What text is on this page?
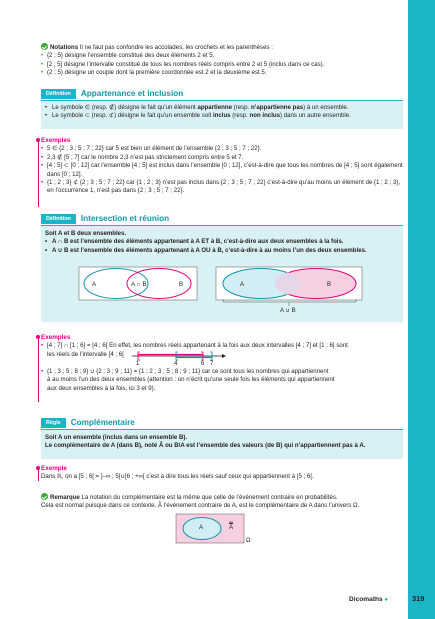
Notations Il ne faut pas confondre les accolades, les crochets et les parenthèses :
• {2 ; 5} désigne l’ensemble constitué des deux éléments 2 et 5.
• [2 ; 5] désigne l’intervalle constitué de tous les nombres réels compris entre 2 et 5 (inclus dans ce cas).
• (2 ; 5) désigne un couple dont la première coordonnée est 2 et la deuxième est 5.
Définition Appartenance et inclusion
• Le symbole ∈ (resp. ∉) désigne le fait qu’un élément appartienne (resp. n’appartienne pas) à un ensemble.
• Le symbole ⊂ (resp. ⊄) désigne le fait qu’un ensemble soit inclus (resp. non inclus) dans un autre ensemble.
Exemples
• 5 ∈ {2 ; 3 ; 5 ; 7 ; 22} car 5 est bien un élément de l’ensemble {2 ; 3 ; 5 ; 7 ; 22}.
• 2,3 ∉ [5 ; 7] car le nombre 2,3 n’est pas strictement compris entre 5 et 7.
• [4 ; 5] ⊂ [0 ; 12] car l’ensemble [4 ; 5] est inclus dans l’ensemble [0 ; 12], c’est-à-dire que tous les nombres de [4 ; 5] sont également dans [0 ; 12].
• {1 ; 2 ; 3} ⊄ {2 ; 3 ; 5 ; 7 ; 22} car {1 ; 2 ; 3} n’est pas inclus dans {2 ; 3 ; 5 ; 7 ; 22} c’est-à-dire qu’au moins un élément de {1 ; 2 ; 3}, en l’occurrence 1, n’est pas dans {2 ; 3 ; 5 ; 7 ; 22}.
Définition Intersection et réunion
Soit A et B deux ensembles.
• A ∩ B est l’ensemble des éléments appartenant à A ET à B, c’est-à-dire aux deux ensembles à la fois.
• A ∪ B est l’ensemble des éléments appartenant à A OU à B, c’est-à-dire à au moins l’un des deux ensembles.
A	A ∩ B	B	A	B
A ∪ B
Exemples
• [4 ; 7] ∩ [1 ; 6] = [4 ; 6[ En effet, les nombres réels appartenant à la fois aux deux intervalles [4 ; 7] et [1 ; 6[ sont
les réels de l’intervalle [4 ; 6[
1	4	6 7
• {1 ; 3 ; 5 ; 8 ; 9} ∪ {2 ; 3 ; 9 ; 11} = {1 ; 2 ; 3 ; 5 ; 8 ; 9 ; 11} car ce sont tous les nombres qui appartiennent
à au moins l’un des deux ensembles (attention : on n’écrit qu’une seule fois les éléments qui appartiennent
aux deux ensembles à la fois, ici 3 et 9).
Règle Complémentaire
Soit A un ensemble (inclus dans un ensemble B).
Le complémentaire de A (dans B), noté Ā ou B\A est l’ensemble des valeurs (de B) qui n’appartiennent pas à A.
Exemple
Dans ℝ, on a [5 ; 6[ = ]–∞ ; 5[∪[6 ; +∞[ c’est à dire tous les réels sauf ceux qui appartiennent à [5 ; 6[.
Remarque La notation du complémentaire est la même que celle de l’événement contraire en probabilités.
Cela est normal puisque dans ce contexte, Ā l’événement contraire de A, est le complémentaire de A dans l’univers Ω.
A	$\overline{A}$
Ω
Dicomaths ●	319
